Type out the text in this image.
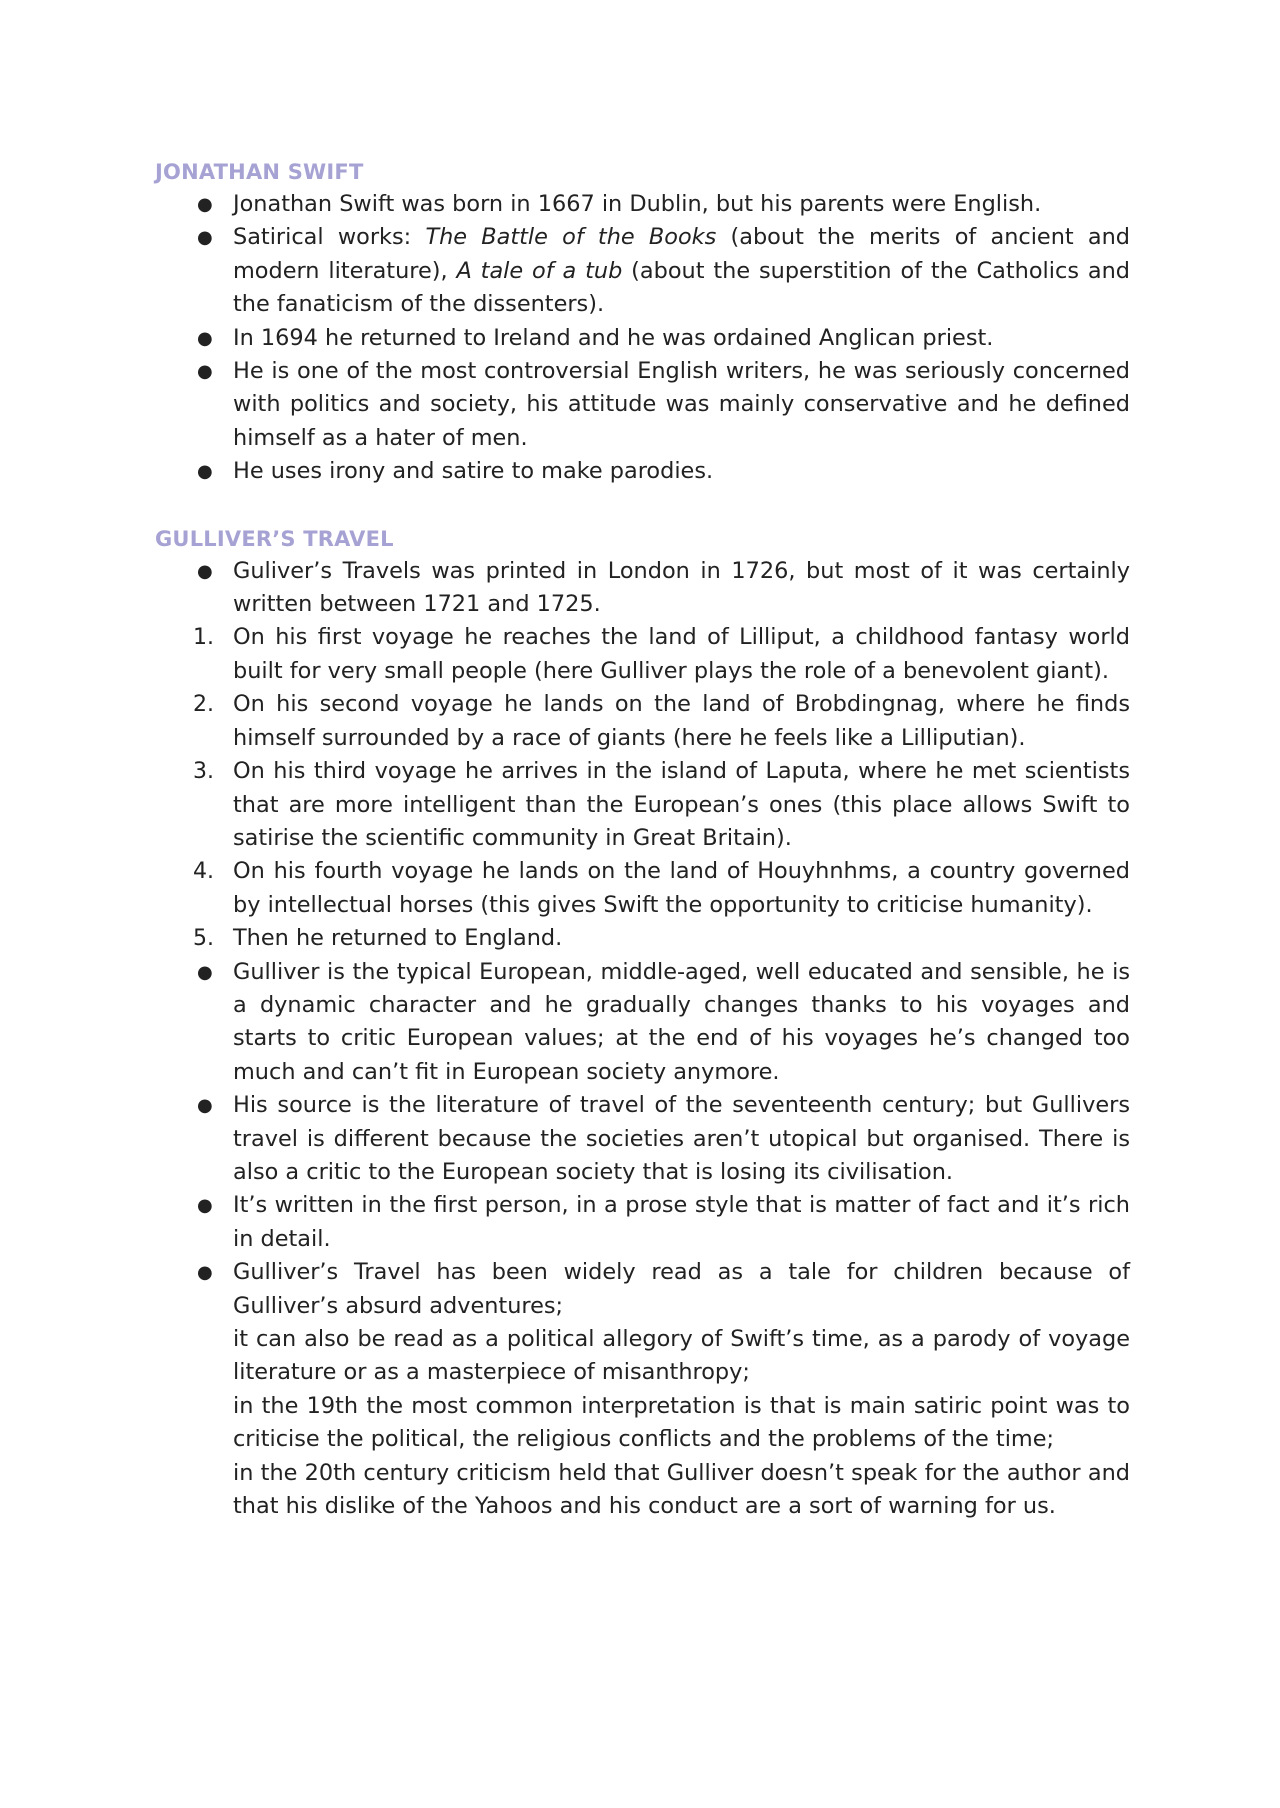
JONATHAN SWIFT
● Jonathan Swift was born in 1667 in Dublin, but his parents were English.
● Satirical works: The Battle of the Books (about the merits of ancient and modern literature), A tale of a tub (about the superstition of the Catholics and the fanaticism of the dissenters).
● In 1694 he returned to Ireland and he was ordained Anglican priest.
● He is one of the most controversial English writers, he was seriously concerned with politics and society, his attitude was mainly conservative and he defined himself as a hater of men.
● He uses irony and satire to make parodies.
GULLIVER’S TRAVEL
● Guliver’s Travels was printed in London in 1726, but most of it was certainly written between 1721 and 1725.
1. On his first voyage he reaches the land of Lilliput, a childhood fantasy world built for very small people (here Gulliver plays the role of a benevolent giant).
2. On his second voyage he lands on the land of Brobdingnag, where he finds himself surrounded by a race of giants (here he feels like a Lilliputian).
3. On his third voyage he arrives in the island of Laputa, where he met scientists that are more intelligent than the European’s ones (this place allows Swift to satirise the scientific community in Great Britain).
4. On his fourth voyage he lands on the land of Houyhnhms, a country governed by intellectual horses (this gives Swift the opportunity to criticise humanity).
5. Then he returned to England.
● Gulliver is the typical European, middle-aged, well educated and sensible, he is a dynamic character and he gradually changes thanks to his voyages and starts to critic European values; at the end of his voyages he’s changed too much and can’t fit in European society anymore.
● His source is the literature of travel of the seventeenth century; but Gullivers travel is different because the societies aren’t utopical but organised. There is also a critic to the European society that is losing its civilisation.
● It’s written in the first person, in a prose style that is matter of fact and it’s rich in detail.
● Gulliver’s Travel has been widely read as a tale for children because of Gulliver’s absurd adventures;
it can also be read as a political allegory of Swift’s time, as a parody of voyage literature or as a masterpiece of misanthropy;
in the 19th the most common interpretation is that is main satiric point was to criticise the political, the religious conflicts and the problems of the time;
in the 20th century criticism held that Gulliver doesn’t speak for the author and that his dislike of the Yahoos and his conduct are a sort of warning for us.
